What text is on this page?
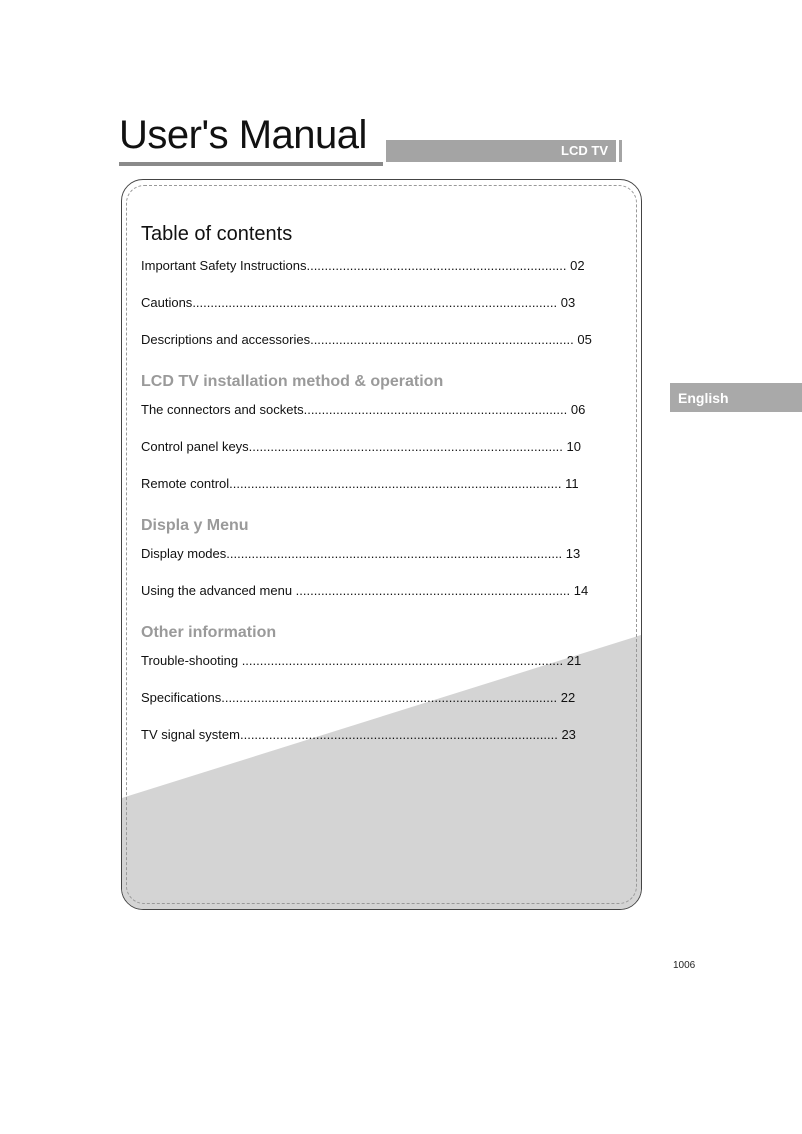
User's Manual	LCD TV
English
Table of contents
Important Safety Instructions........................................................................ 02
Cautions..................................................................................................... 03
Descriptions and accessories......................................................................... 05
LCD TV installation method & operation
The connectors and sockets......................................................................... 06
Control panel keys....................................................................................... 10
Remote control............................................................................................ 11
Displa y Menu
Display modes............................................................................................. 13
Using the advanced menu ............................................................................ 14
Other information
Trouble-shooting ......................................................................................... 21
Specifications............................................................................................. 22
TV signal system........................................................................................ 23
1006
